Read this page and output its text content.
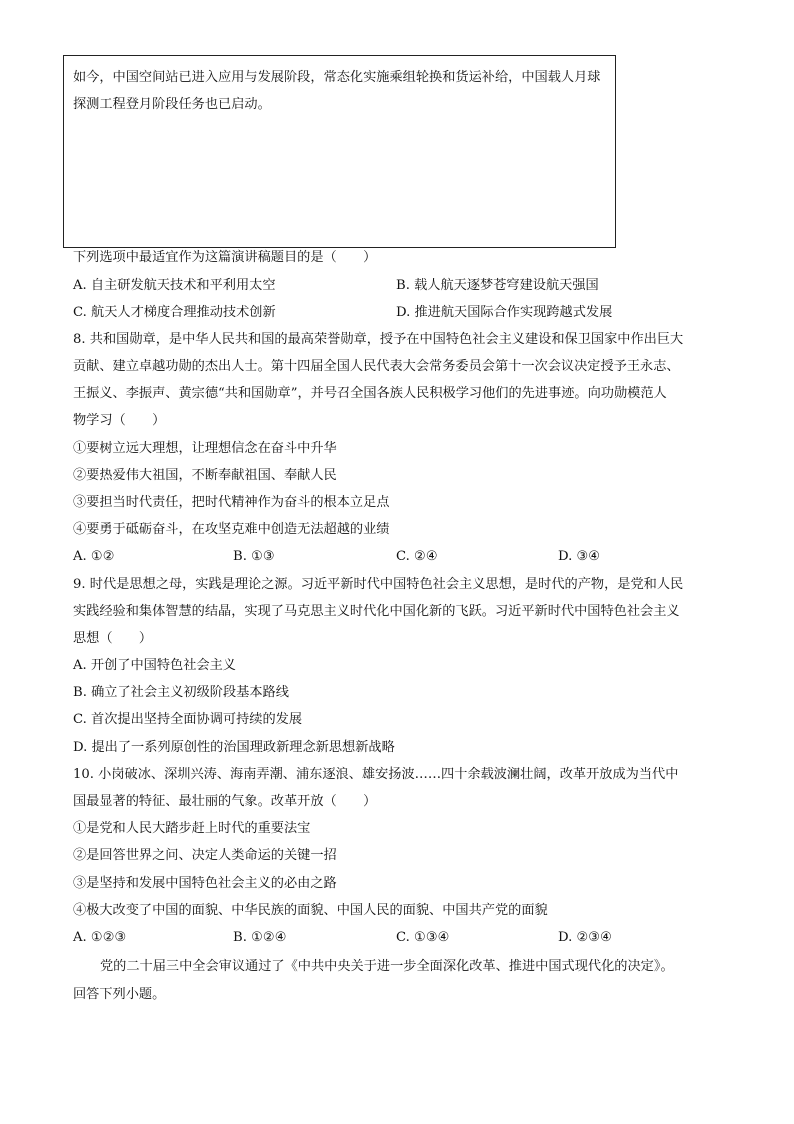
如今，中国空间站已进入应用与发展阶段，常态化实施乘组轮换和货运补给，中国载人月球探测工程登月阶段任务也已启动。
下列选项中最适宜作为这篇演讲稿题目的是（　　）
A. 自主研发航天技术和平利用太空	B. 载人航天逐梦苍穹建设航天强国
C. 航天人才梯度合理推动技术创新	D. 推进航天国际合作实现跨越式发展
8. 共和国勋章，是中华人民共和国的最高荣誉勋章，授予在中国特色社会主义建设和保卫国家中作出巨大
贡献、建立卓越功勋的杰出人士。第十四届全国人民代表大会常务委员会第十一次会议决定授予王永志、
王振义、李振声、黄宗德“共和国勋章”，并号召全国各族人民积极学习他们的先进事迹。向功勋模范人
物学习（　　）
①要树立远大理想，让理想信念在奋斗中升华
②要热爱伟大祖国，不断奉献祖国、奉献人民
③要担当时代责任，把时代精神作为奋斗的根本立足点
④要勇于砥砺奋斗，在攻坚克难中创造无法超越的业绩
A. ①②	B. ①③	C. ②④	D. ③④
9. 时代是思想之母，实践是理论之源。习近平新时代中国特色社会主义思想，是时代的产物，是党和人民
实践经验和集体智慧的结晶，实现了马克思主义时代化中国化新的飞跃。习近平新时代中国特色社会主义
思想（　　）
A. 开创了中国特色社会主义
B. 确立了社会主义初级阶段基本路线
C. 首次提出坚持全面协调可持续的发展
D. 提出了一系列原创性的治国理政新理念新思想新战略
10. 小岗破冰、深圳兴涛、海南弄潮、浦东逐浪、雄安扬波……四十余载波澜壮阔，改革开放成为当代中
国最显著的特征、最壮丽的气象。改革开放（　　）
①是党和人民大踏步赶上时代的重要法宝
②是回答世界之问、决定人类命运的关键一招
③是坚持和发展中国特色社会主义的必由之路
④极大改变了中国的面貌、中华民族的面貌、中国人民的面貌、中国共产党的面貌
A. ①②③	B. ①②④	C. ①③④	D. ②③④
党的二十届三中全会审议通过了《中共中央关于进一步全面深化改革、推进中国式现代化的决定》。
回答下列小题。
